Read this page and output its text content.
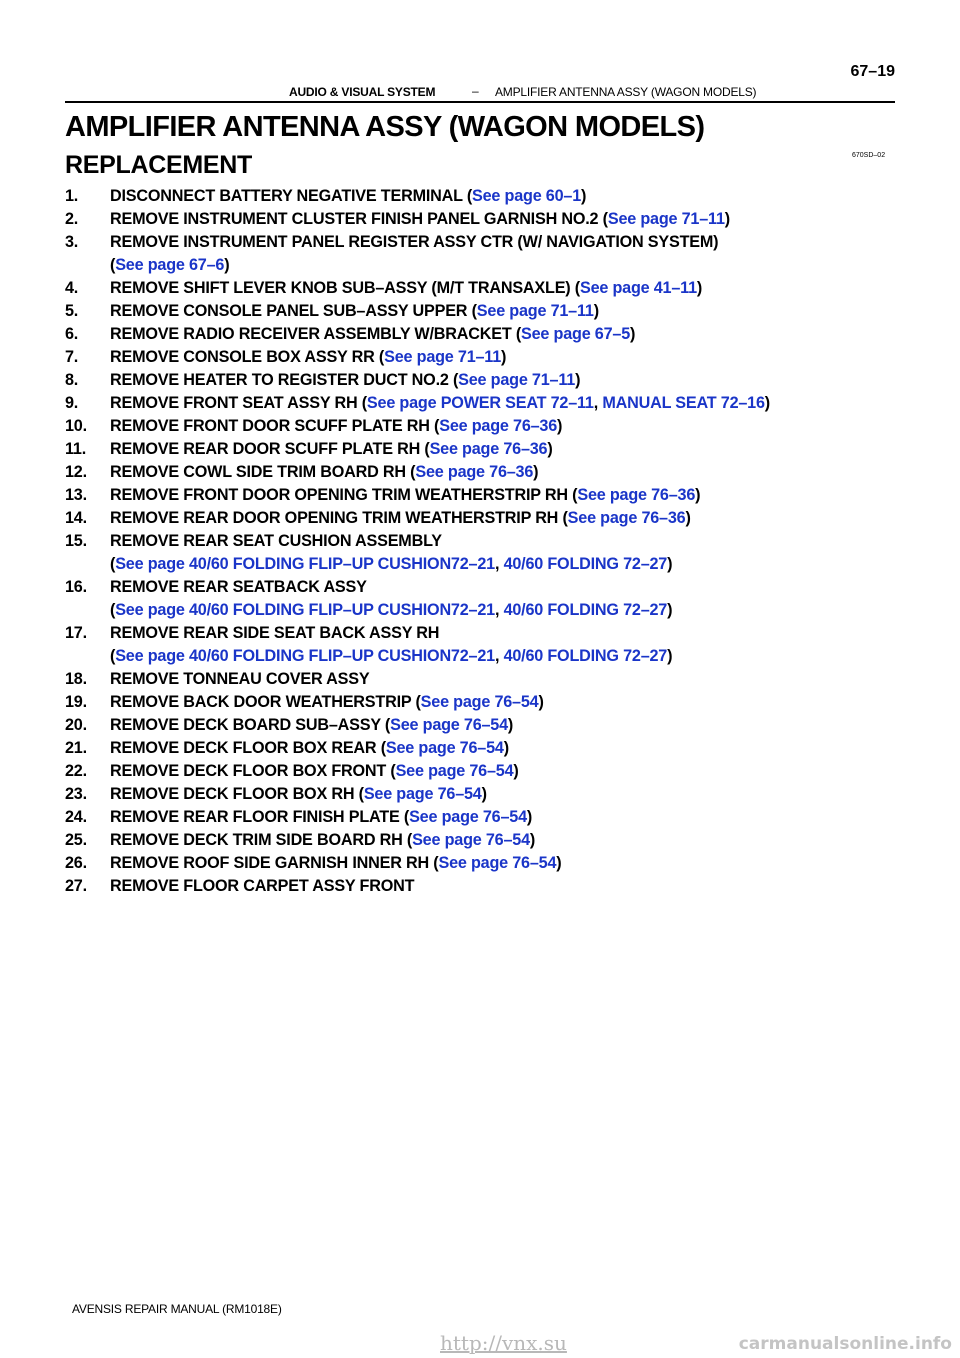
67–19
AUDIO & VISUAL SYSTEM	– AMPLIFIER ANTENNA ASSY (WAGON MODELS)
AMPLIFIER ANTENNA ASSY (WAGON MODELS)
670SD–02
REPLACEMENT
1. DISCONNECT BATTERY NEGATIVE TERMINAL (See page 60–1)
2. REMOVE INSTRUMENT CLUSTER FINISH PANEL GARNISH NO.2 (See page 71–11)
3. REMOVE INSTRUMENT PANEL REGISTER ASSY CTR (W/ NAVIGATION SYSTEM)
(See page 67–6)
4. REMOVE SHIFT LEVER KNOB SUB–ASSY (M/T TRANSAXLE) (See page 41–11)
5. REMOVE CONSOLE PANEL SUB–ASSY UPPER (See page 71–11)
6. REMOVE RADIO RECEIVER ASSEMBLY W/BRACKET (See page 67–5)
7. REMOVE CONSOLE BOX ASSY RR (See page 71–11)
8. REMOVE HEATER TO REGISTER DUCT NO.2 (See page 71–11)
9. REMOVE FRONT SEAT ASSY RH (See page POWER SEAT 72–11, MANUAL SEAT 72–16)
10. REMOVE FRONT DOOR SCUFF PLATE RH (See page 76–36)
11. REMOVE REAR DOOR SCUFF PLATE RH (See page 76–36)
12. REMOVE COWL SIDE TRIM BOARD RH (See page 76–36)
13. REMOVE FRONT DOOR OPENING TRIM WEATHERSTRIP RH (See page 76–36)
14. REMOVE REAR DOOR OPENING TRIM WEATHERSTRIP RH (See page 76–36)
15. REMOVE REAR SEAT CUSHION ASSEMBLY
(See page 40/60 FOLDING FLIP–UP CUSHION72–21, 40/60 FOLDING 72–27)
16. REMOVE REAR SEATBACK ASSY
(See page 40/60 FOLDING FLIP–UP CUSHION72–21, 40/60 FOLDING 72–27)
17. REMOVE REAR SIDE SEAT BACK ASSY RH
(See page 40/60 FOLDING FLIP–UP CUSHION72–21, 40/60 FOLDING 72–27)
18. REMOVE TONNEAU COVER ASSY
19. REMOVE BACK DOOR WEATHERSTRIP (See page 76–54)
20. REMOVE DECK BOARD SUB–ASSY (See page 76–54)
21. REMOVE DECK FLOOR BOX REAR (See page 76–54)
22. REMOVE DECK FLOOR BOX FRONT (See page 76–54)
23. REMOVE DECK FLOOR BOX RH (See page 76–54)
24. REMOVE REAR FLOOR FINISH PLATE (See page 76–54)
25. REMOVE DECK TRIM SIDE BOARD RH (See page 76–54)
26. REMOVE ROOF SIDE GARNISH INNER RH (See page 76–54)
27. REMOVE FLOOR CARPET ASSY FRONT
AVENSIS REPAIR MANUAL (RM1018E)
http://vnx.su	carmanualsonline.info
